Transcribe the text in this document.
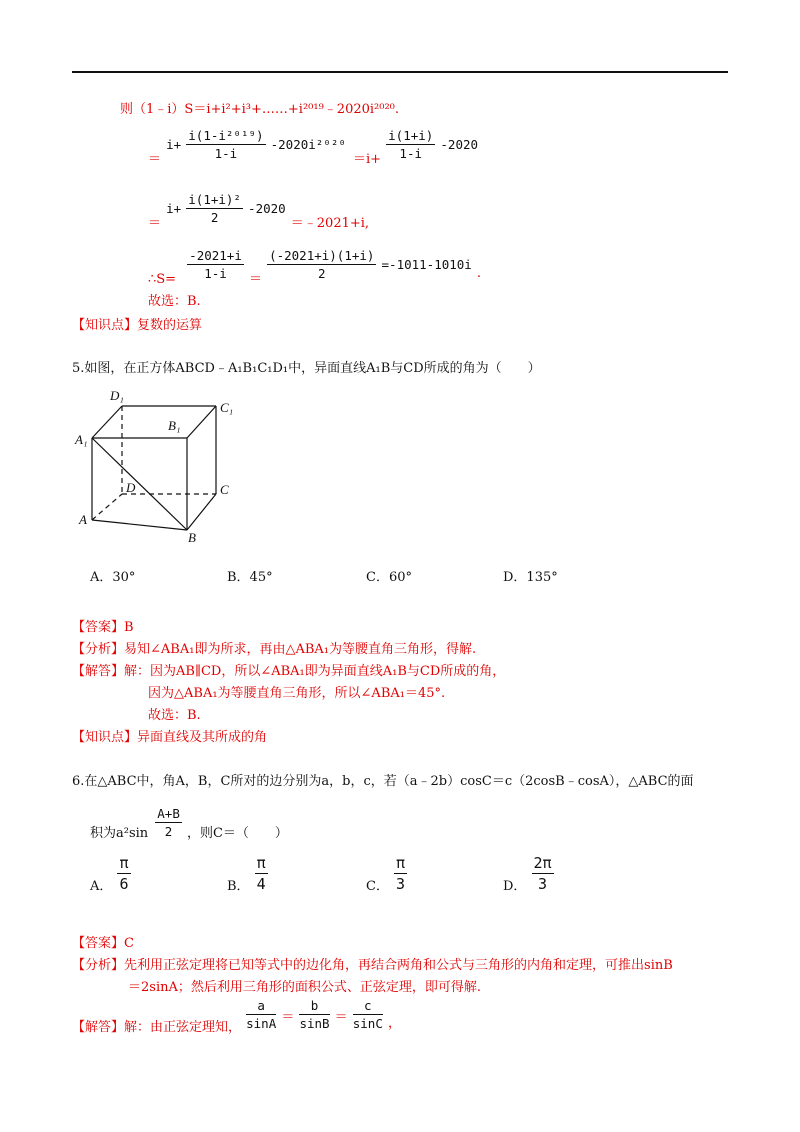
则（1﹣i）S＝i+i²+i³+……+i²⁰¹⁹﹣2020i²⁰²⁰.
$_=$ $i+ \frac{\text{i(1-i²⁰¹⁹)}}{1-i} -2020i^{2020}$ $_{=i+} \frac{i(1+i)}{1-i} -2020$
$_=$ $i+ \frac{\text{i(1+i)²}}{2} -2020$ $_{=﹣2021+i,}$
$_{\therefore S=} \frac{-2021+i}{1-i} _= \frac{(-2021+i)(1+i)}{2} =-1011-1010i$ $_.$
故选：B.
【知识点】复数的运算
5.如图，在正方体ABCD﹣A₁B₁C₁D₁中，异面直线A₁B与CD所成的角为（　　）
D₁
C₁
B₁
A₁
D	C
A
B
A．30°	B．45°	C．60°	D．135°
【答案】B
【分析】易知∠ABA₁即为所求，再由△ABA₁为等腰直角三角形，得解.
【解答】解：因为AB∥CD，所以∠ABA₁即为异面直线A₁B与CD所成的角，
因为△ABA₁为等腰直角三角形，所以∠ABA₁＝45°.
故选：B.
【知识点】异面直线及其所成的角
6.在△ABC中，角A，B，C所对的边分别为a，b，c，若（a﹣2b）cosC＝c（2cosB﹣cosA），△ABC的面
$_{积为a^2sin} \frac{A+B}{2} _{,则C=( )}$
$_{A.} \frac{\pi}{6}$	$_{B.} \frac{\pi}{4}$	$_{C.} \frac{\pi}{3}$	$_{D.} \frac{2\pi}{3}$
【答案】C
【分析】先利用正弦定理将已知等式中的边化角，再结合两角和公式与三角形的内角和定理，可推出sinB
＝2sinA；然后利用三角形的面积公式、正弦定理，即可得解.
$_{【解答】解:由正弦定理知,} \frac{a}{\sin A} = \frac{b}{\sin B} = \frac{c}{\sin C} _,$
